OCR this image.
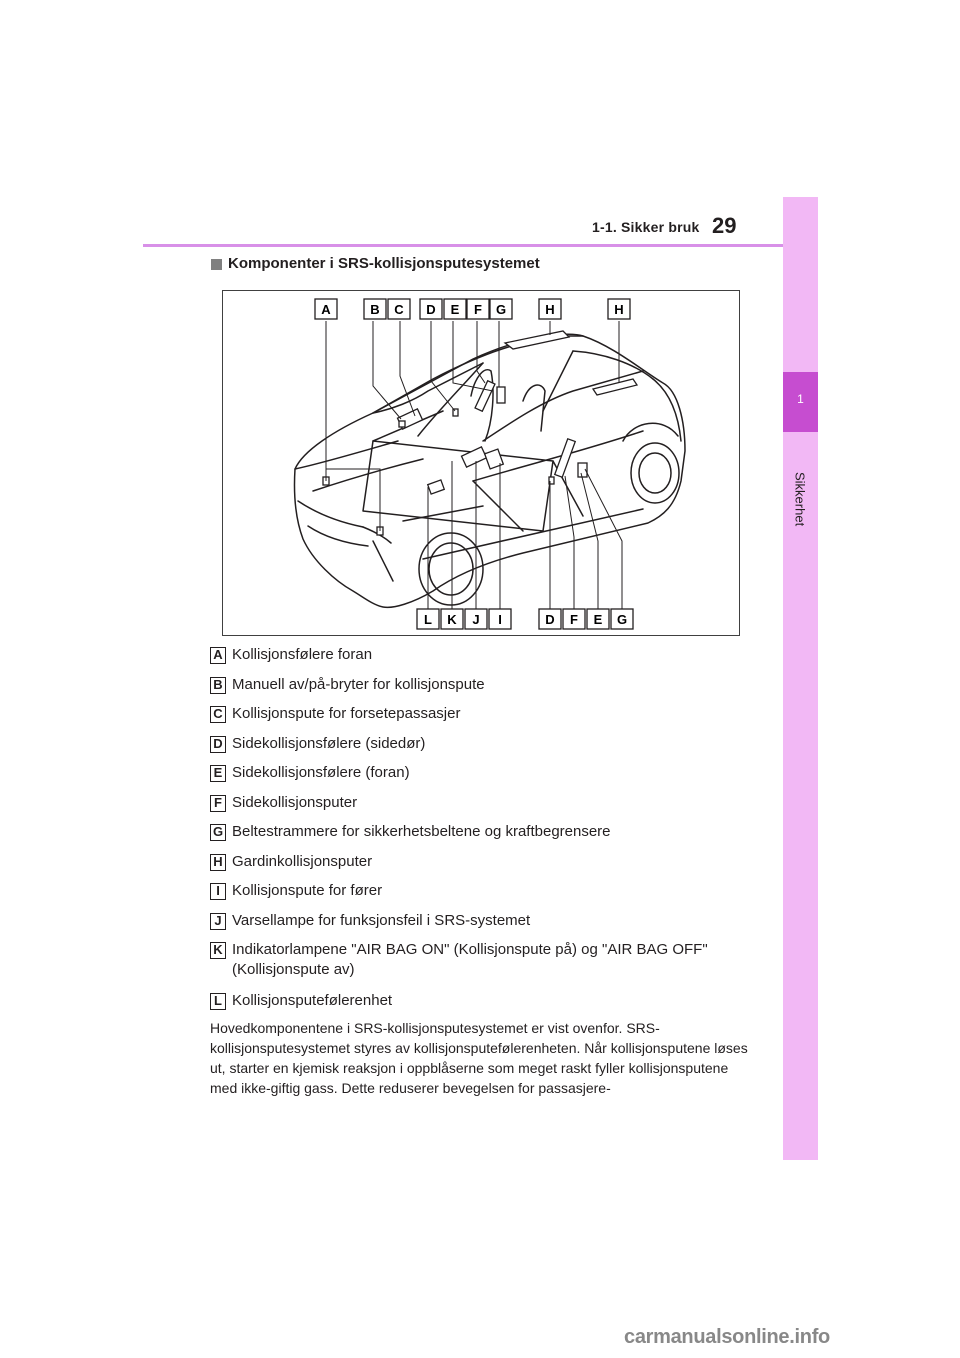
1-1. Sikker bruk 29
1
Sikkerhet
Komponenter i SRS-kollisjonsputesystemet
A	B C D E F G	H	H
L K J I	D F E G
A Kollisjonsfølere foran
B Manuell av/på-bryter for kollisjonspute
C Kollisjonspute for forsetepassasjer
D Sidekollisjonsfølere (sidedør)
E Sidekollisjonsfølere (foran)
F Sidekollisjonsputer
G Beltestrammere for sikkerhetsbeltene og kraftbegrensere
H Gardinkollisjonsputer
I Kollisjonspute for fører
J Varsellampe for funksjonsfeil i SRS-systemet
K Indikatorlampene "AIR BAG ON" (Kollisjonspute på) og "AIR BAG OFF" (Kollisjonspute av)
L Kollisjonsputefølerenhet
Hovedkomponentene i SRS-kollisjonsputesystemet er vist ovenfor. SRS-kollisjonsputesystemet styres av kollisjonsputefølerenheten. Når kollisjonsputene løses ut, starter en kjemisk reaksjon i oppblåserne som meget raskt fyller kollisjonsputene med ikke-giftig gass. Dette reduserer bevegelsen for passasjere-
carmanualsonline.info
